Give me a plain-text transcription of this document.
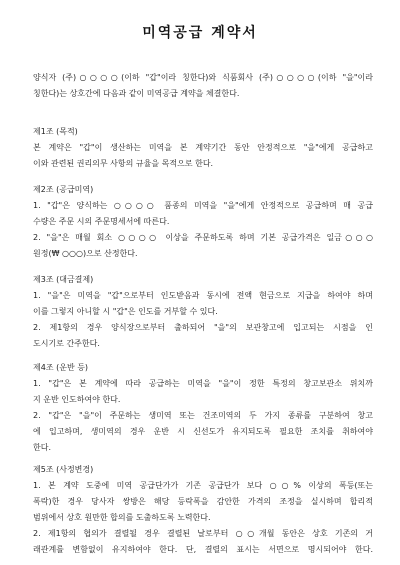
미역공급 계약서
양식자 (주)○○○○(이하 "갑"이라 칭한다)와 식품회사 (주)○○○○(이하 "을"이라
칭한다)는 상호간에 다음과 같이 미역공급 계약을 체결한다.
제1조 (목적)
본 계약은 "갑"이 생산하는 미역을 본 계약기간 동안 안정적으로 "을"에게 공급하고
이와 관련된 권리의무 사항의 규율을 목적으로 한다.
제2조 (공급미역)
1. "갑"은 양식하는 ○○○○ 품종의 미역을 "을"에게 안정적으로 공급하며 매 공급
수량은 주문 시의 주문명세서에 따른다.
2. "을"은 매월 회소 ○○○○ 이상을 주문하도록 하며 기본 공급가격은 일금○○○
원정(₩ ○○○)으로 산정한다.
제3조 (대금결제)
1. "을"은 미역을 "갑"으로부터 인도받음과 동시에 전액 현금으로 지급을 하여야 하며
이를 그렇지 아니할 시 "갑"은 인도를 거부할 수 있다.
2. 제1항의 경우 양식장으로부터 출하되어 "을"의 보관창고에 입고되는 시점을 인
도시기로 간주한다.
제4조 (운반 등)
1. "갑"은 본 계약에 따라 공급하는 미역을 "을"이 정한 특정의 창고보관소 위치까
지 운반 인도하여야 한다.
2. "갑"은 "을"이 주문하는 생미역 또는 건조미역의 두 가지 종류를 구분하여 창고
에 입고하며, 생미역의 경우 운반 시 신선도가 유지되도록 필요한 조치를 취하여야
한다.
제5조 (사정변경)
1. 본 계약 도중에 미역 공급단가가 기존 공급단가 보다 ○○% 이상의 폭등(또는
폭락)한 경우 당사자 쌍방은 해당 등락폭을 감안한 가격의 조정을 실시하며 합리적
범위에서 상호 원만한 합의를 도출하도록 노력한다.
2. 제1항의 협의가 결렬될 경우 결렬된 날로부터 ○○개월 동안은 상호 기존의 거
래관계를 변함없이 유지하여야 한다. 단, 결렬의 표시는 서면으로 명시되어야 한다.
